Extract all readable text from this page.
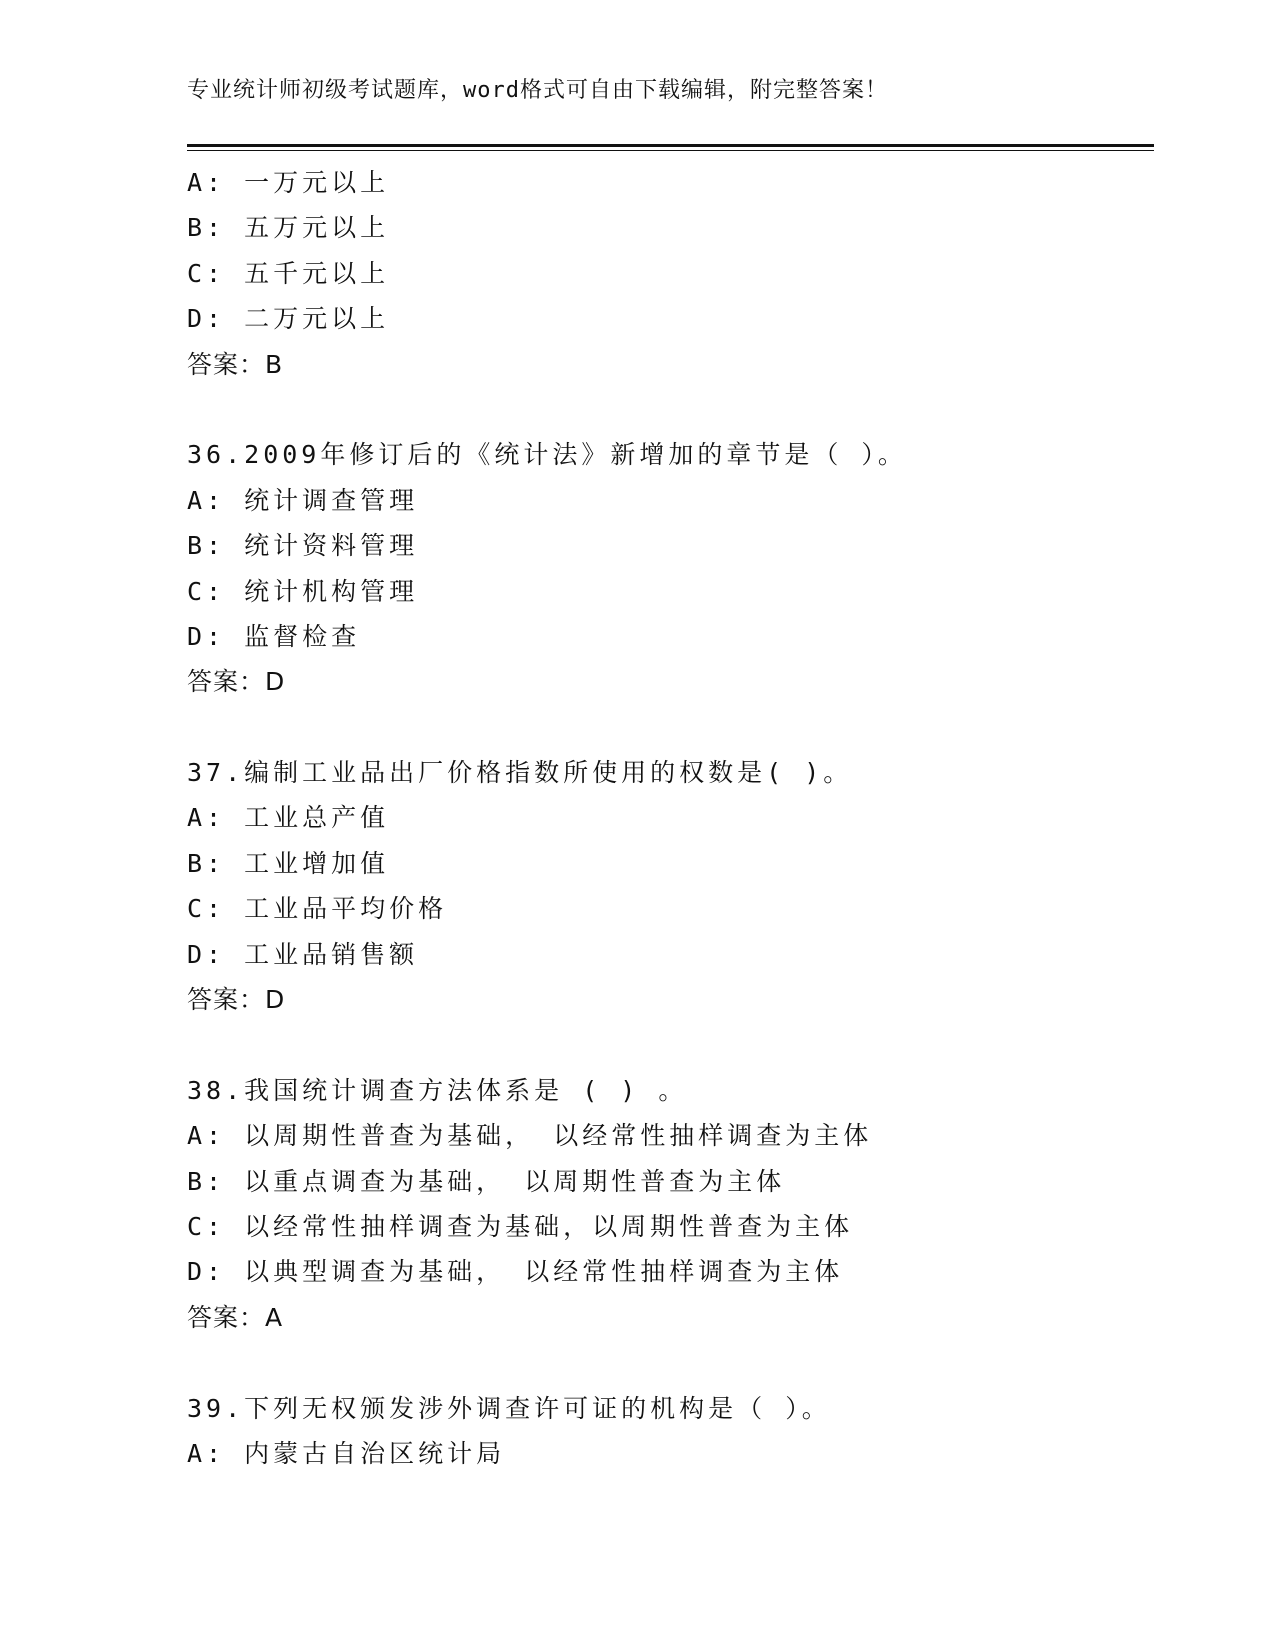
专业统计师初级考试题库，word格式可自由下载编辑，附完整答案！
A: 一万元以上
B: 五万元以上
C: 五千元以上
D: 二万元以上
答案：B
36.2009年修订后的《统计法》新增加的章节是（ ）。
A: 统计调查管理
B: 统计资料管理
C: 统计机构管理
D: 监督检查
答案：D
37.编制工业品出厂价格指数所使用的权数是( )。
A: 工业总产值
B: 工业增加值
C: 工业品平均价格
D: 工业品销售额
答案：D
38.我国统计调查方法体系是 ( ) 。
A: 以周期性普查为基础， 以经常性抽样调查为主体
B: 以重点调查为基础， 以周期性普查为主体
C: 以经常性抽样调查为基础，以周期性普查为主体
D: 以典型调查为基础， 以经常性抽样调查为主体
答案：A
39.下列无权颁发涉外调查许可证的机构是（ ）。
A: 内蒙古自治区统计局
